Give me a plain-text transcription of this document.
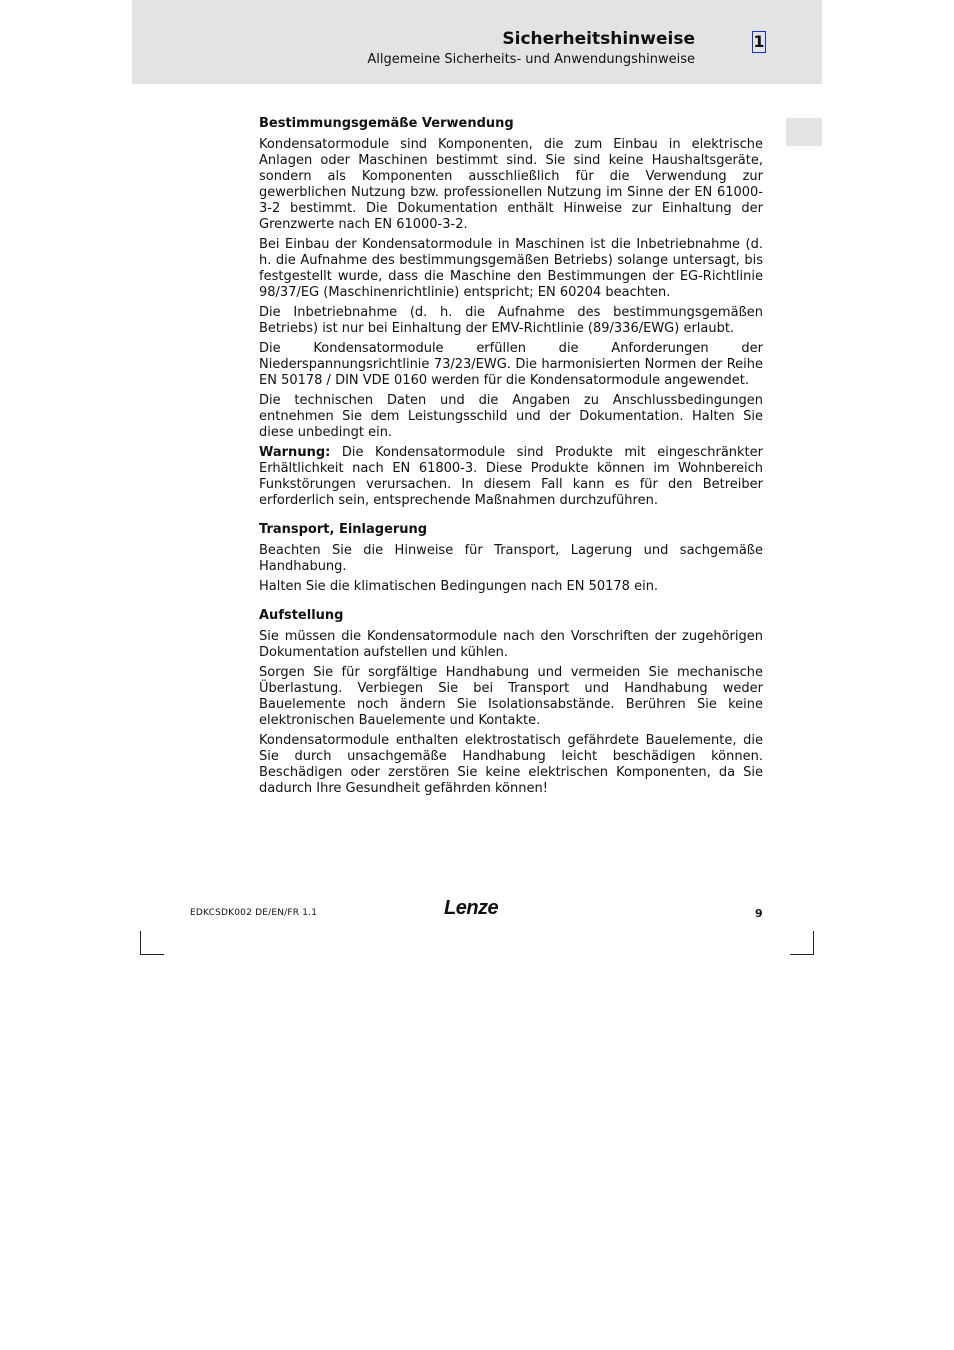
Sicherheitshinweise
Allgemeine Sicherheits- und Anwendungshinweise
1
Bestimmungsgemäße Verwendung

Kondensatormodule sind Komponenten, die zum Einbau in elektrische Anlagen oder Maschinen bestimmt sind. Sie sind keine Haushaltsgeräte, sondern als Komponenten ausschließlich für die Verwendung zur gewerblichen Nutzung bzw. professionellen Nutzung im Sinne der EN 61000-3-2 bestimmt. Die Dokumentation enthält Hinweise zur Einhaltung der Grenzwerte nach EN 61000-3-2.

Bei Einbau der Kondensatormodule in Maschinen ist die Inbetriebnahme (d. h. die Aufnahme des bestimmungsgemäßen Betriebs) solange untersagt, bis festgestellt wurde, dass die Maschine den Bestimmungen der EG-Richtlinie 98/37/EG (Maschinenrichtlinie) entspricht; EN 60204 beachten.

Die Inbetriebnahme (d. h. die Aufnahme des bestimmungsgemäßen Betriebs) ist nur bei Einhaltung der EMV-Richtlinie (89/336/EWG) erlaubt.

Die Kondensatormodule erfüllen die Anforderungen der Niederspannungsrichtlinie 73/23/EWG. Die harmonisierten Normen der Reihe EN 50178 / DIN VDE 0160 werden für die Kondensatormodule angewendet.

Die technischen Daten und die Angaben zu Anschlussbedingungen entnehmen Sie dem Leistungsschild und der Dokumentation. Halten Sie diese unbedingt ein.

Warnung: Die Kondensatormodule sind Produkte mit eingeschränkter Erhältlichkeit nach EN 61800-3. Diese Produkte können im Wohnbereich Funkstörungen verursachen. In diesem Fall kann es für den Betreiber erforderlich sein, entsprechende Maßnahmen durchzuführen.

Transport, Einlagerung

Beachten Sie die Hinweise für Transport, Lagerung und sachgemäße Handhabung.

Halten Sie die klimatischen Bedingungen nach EN 50178 ein.

Aufstellung

Sie müssen die Kondensatormodule nach den Vorschriften der zugehörigen Dokumentation aufstellen und kühlen.

Sorgen Sie für sorgfältige Handhabung und vermeiden Sie mechanische Überlastung. Verbiegen Sie bei Transport und Handhabung weder Bauelemente noch ändern Sie Isolationsabstände. Berühren Sie keine elektronischen Bauelemente und Kontakte.

Kondensatormodule enthalten elektrostatisch gefährdete Bauelemente, die Sie durch unsachgemäße Handhabung leicht beschädigen können. Beschädigen oder zerstören Sie keine elektrischen Komponenten, da Sie dadurch Ihre Gesundheit gefährden können!

EDKCSDK002 DE/EN/FR 1.1	Lenze	9
